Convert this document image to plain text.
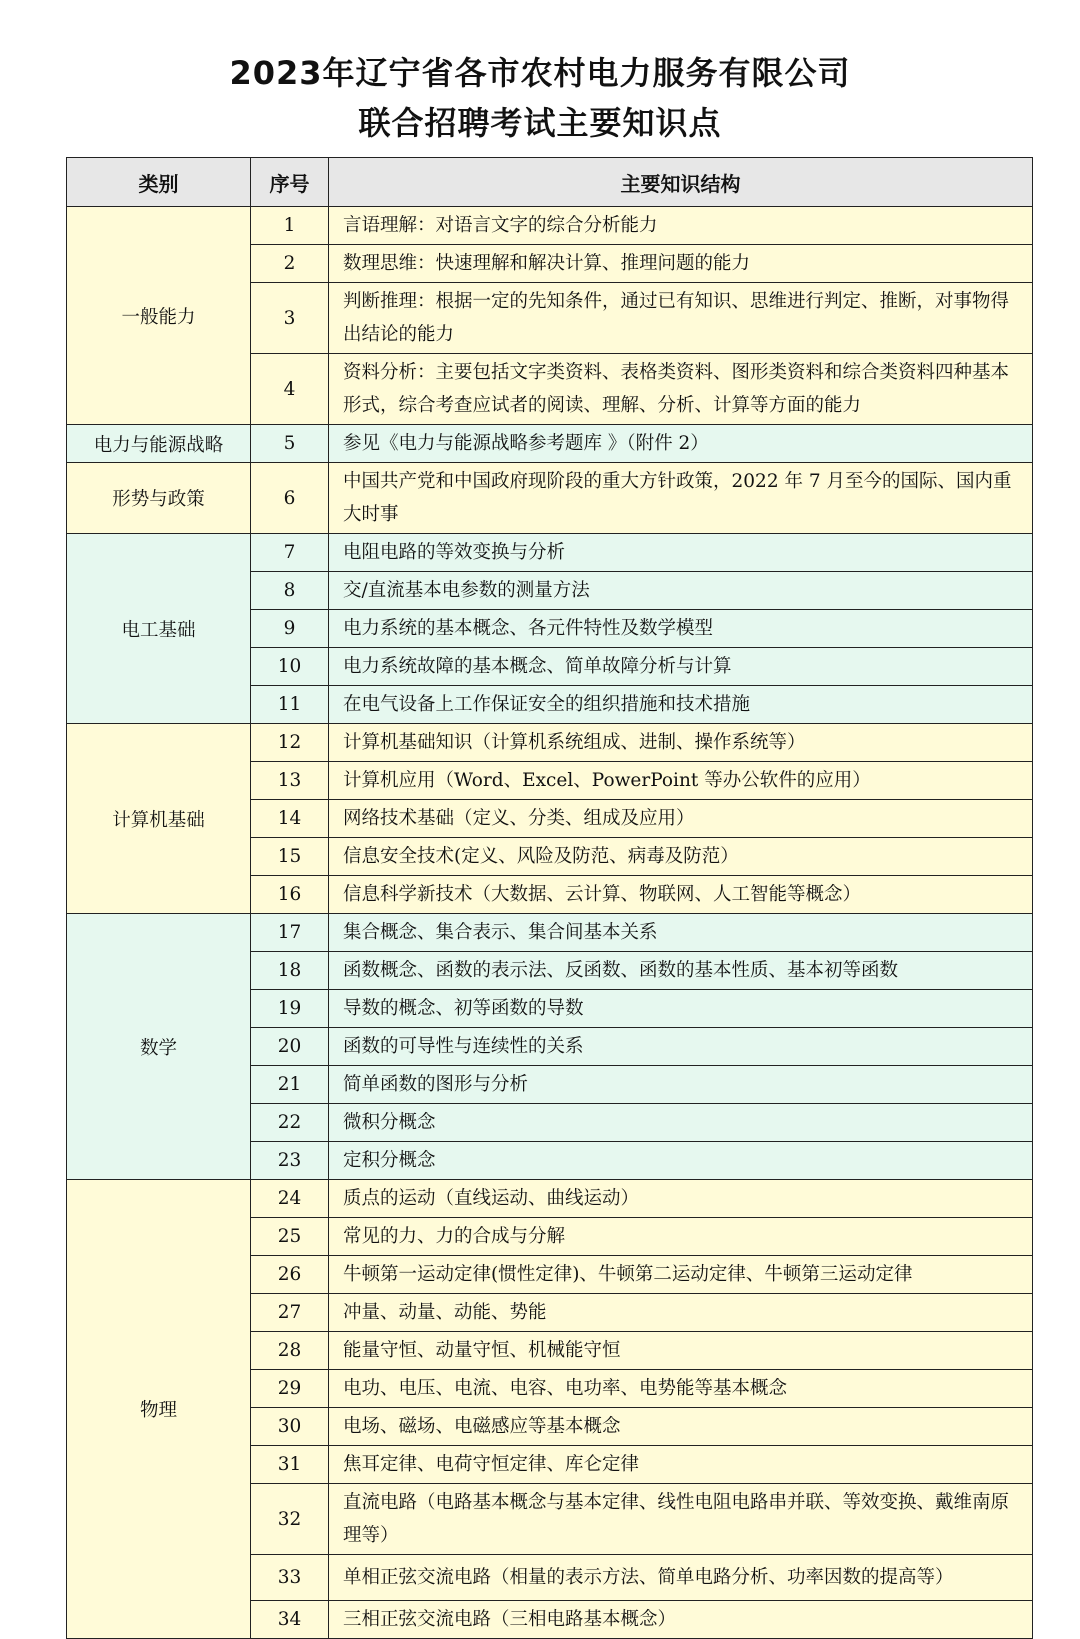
2023年辽宁省各市农村电力服务有限公司
联合招聘考试主要知识点
类别	序号	主要知识结构
一般能力	1	言语理解：对语言文字的综合分析能力
	2	数理思维：快速理解和解决计算、推理问题的能力
	3	判断推理：根据一定的先知条件，通过已有知识、思维进行判定、推断，对事物得出结论的能力
	4	资料分析：主要包括文字类资料、表格类资料、图形类资料和综合类资料四种基本形式，综合考查应试者的阅读、理解、分析、计算等方面的能力
电力与能源战略	5	参见《电力与能源战略参考题库 》（附件 2）
形势与政策	6	中国共产党和中国政府现阶段的重大方针政策，2022 年 7 月至今的国际、国内重大时事
电工基础	7	电阻电路的等效变换与分析
	8	交/直流基本电参数的测量方法
	9	电力系统的基本概念、各元件特性及数学模型
	10	电力系统故障的基本概念、简单故障分析与计算
	11	在电气设备上工作保证安全的组织措施和技术措施
计算机基础	12	计算机基础知识（计算机系统组成、进制、操作系统等）
	13	计算机应用（Word、Excel、PowerPoint 等办公软件的应用）
	14	网络技术基础（定义、分类、组成及应用）
	15	信息安全技术(定义、风险及防范、病毒及防范）
	16	信息科学新技术（大数据、云计算、物联网、人工智能等概念）
数学	17	集合概念、集合表示、集合间基本关系
	18	函数概念、函数的表示法、反函数、函数的基本性质、基本初等函数
	19	导数的概念、初等函数的导数
	20	函数的可导性与连续性的关系
	21	简单函数的图形与分析
	22	微积分概念
	23	定积分概念
物理	24	质点的运动（直线运动、曲线运动）
	25	常见的力、力的合成与分解
	26	牛顿第一运动定律(惯性定律)、牛顿第二运动定律、牛顿第三运动定律
	27	冲量、动量、动能、势能
	28	能量守恒、动量守恒、机械能守恒
	29	电功、电压、电流、电容、电功率、电势能等基本概念
	30	电场、磁场、电磁感应等基本概念
	31	焦耳定律、电荷守恒定律、库仑定律
	32	直流电路（电路基本概念与基本定律、线性电阻电路串并联、等效变换、戴维南原理等）
	33	单相正弦交流电路（相量的表示方法、简单电路分析、功率因数的提高等）
	34	三相正弦交流电路（三相电路基本概念）
